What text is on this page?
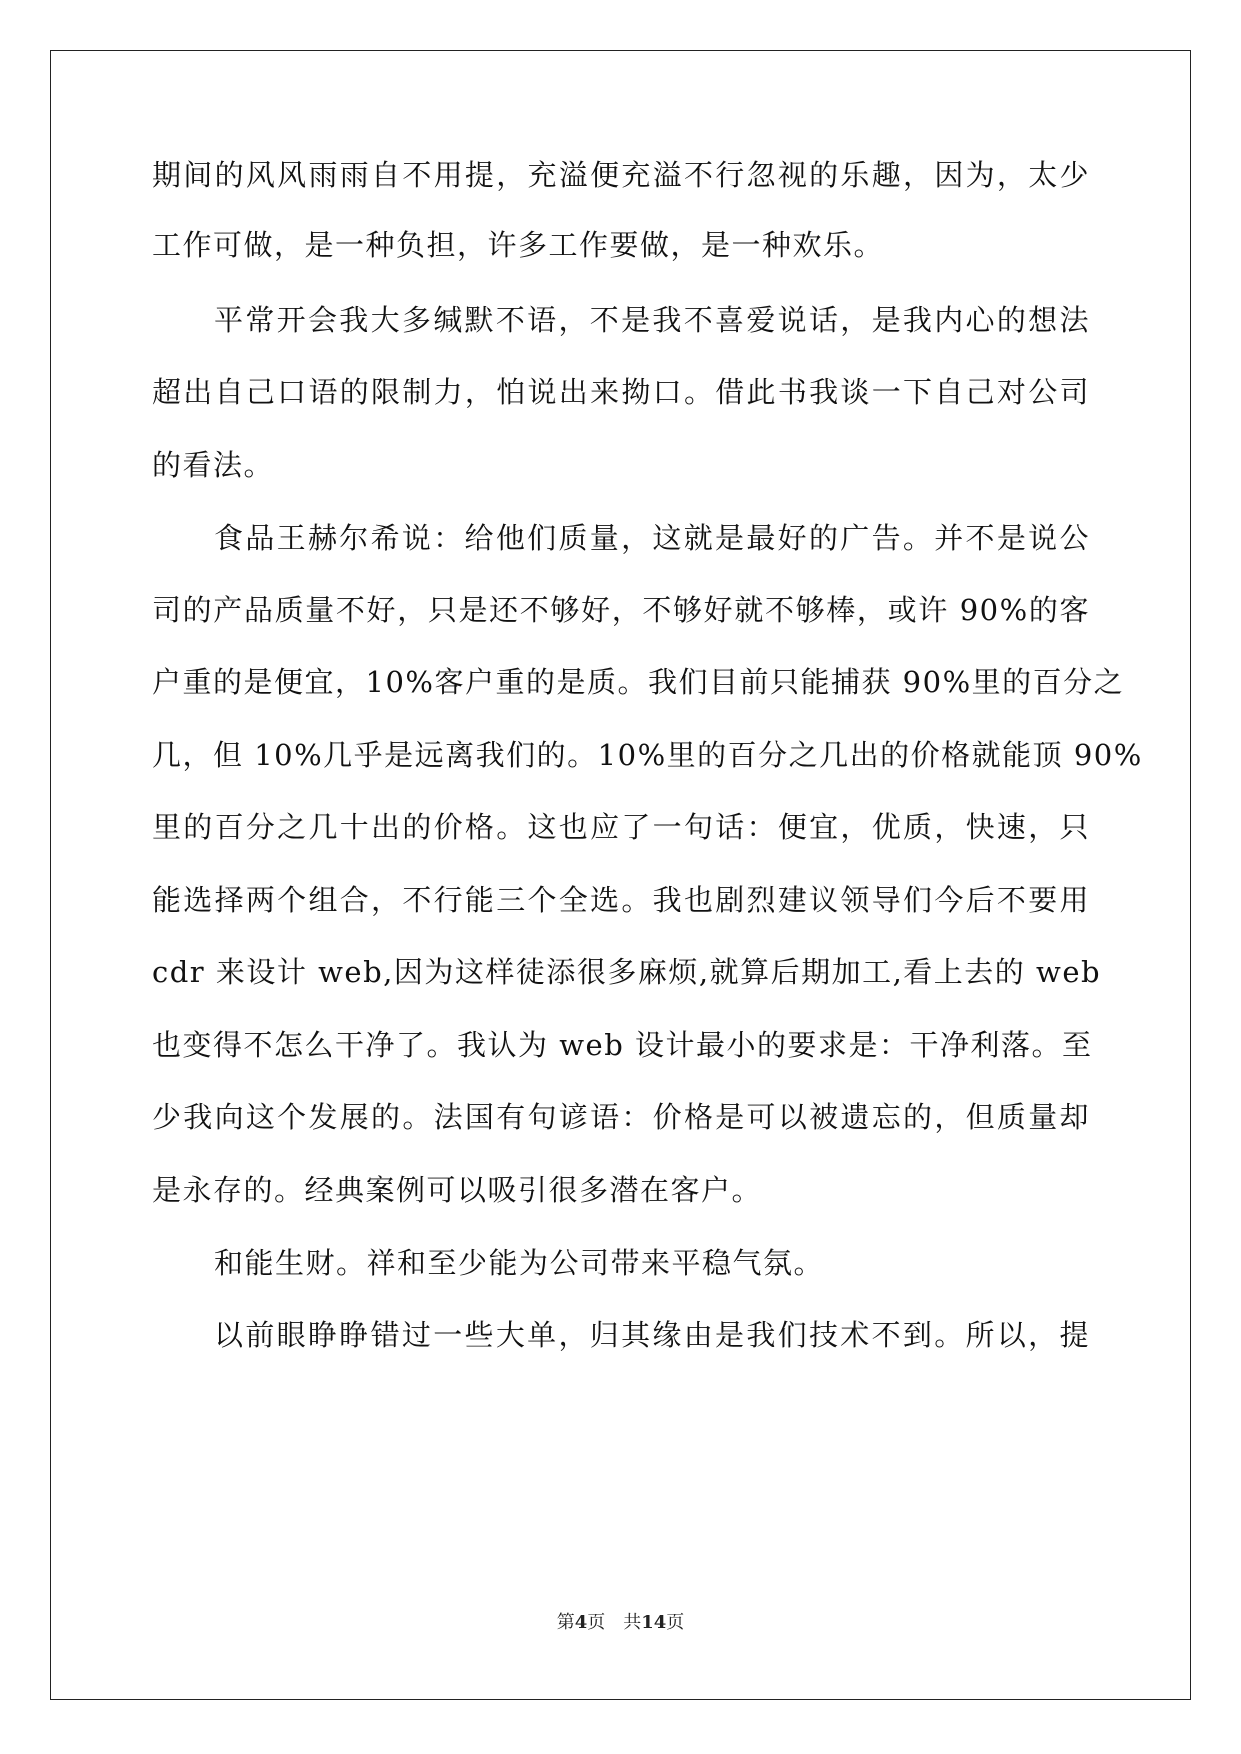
期间的风风雨雨自不用提，充溢便充溢不行忽视的乐趣，因为，太少
工作可做，是一种负担，许多工作要做，是一种欢乐。
平常开会我大多缄默不语，不是我不喜爱说话，是我内心的想法
超出自己口语的限制力，怕说出来拗口。借此书我谈一下自己对公司
的看法。
食品王赫尔希说：给他们质量，这就是最好的广告。并不是说公
司的产品质量不好，只是还不够好，不够好就不够棒，或许 90%的客
户重的是便宜，10%客户重的是质。我们目前只能捕获 90%里的百分之
几，但 10%几乎是远离我们的。10%里的百分之几出的价格就能顶 90%
里的百分之几十出的价格。这也应了一句话：便宜，优质，快速，只
能选择两个组合，不行能三个全选。我也剧烈建议领导们今后不要用
cdr 来设计 web,因为这样徒添很多麻烦,就算后期加工,看上去的 web
也变得不怎么干净了。我认为 web 设计最小的要求是：干净利落。至
少我向这个发展的。法国有句谚语：价格是可以被遗忘的，但质量却
是永存的。经典案例可以吸引很多潜在客户。
和能生财。祥和至少能为公司带来平稳气氛。
以前眼睁睁错过一些大单，归其缘由是我们技术不到。所以，提
第4页 共14页
